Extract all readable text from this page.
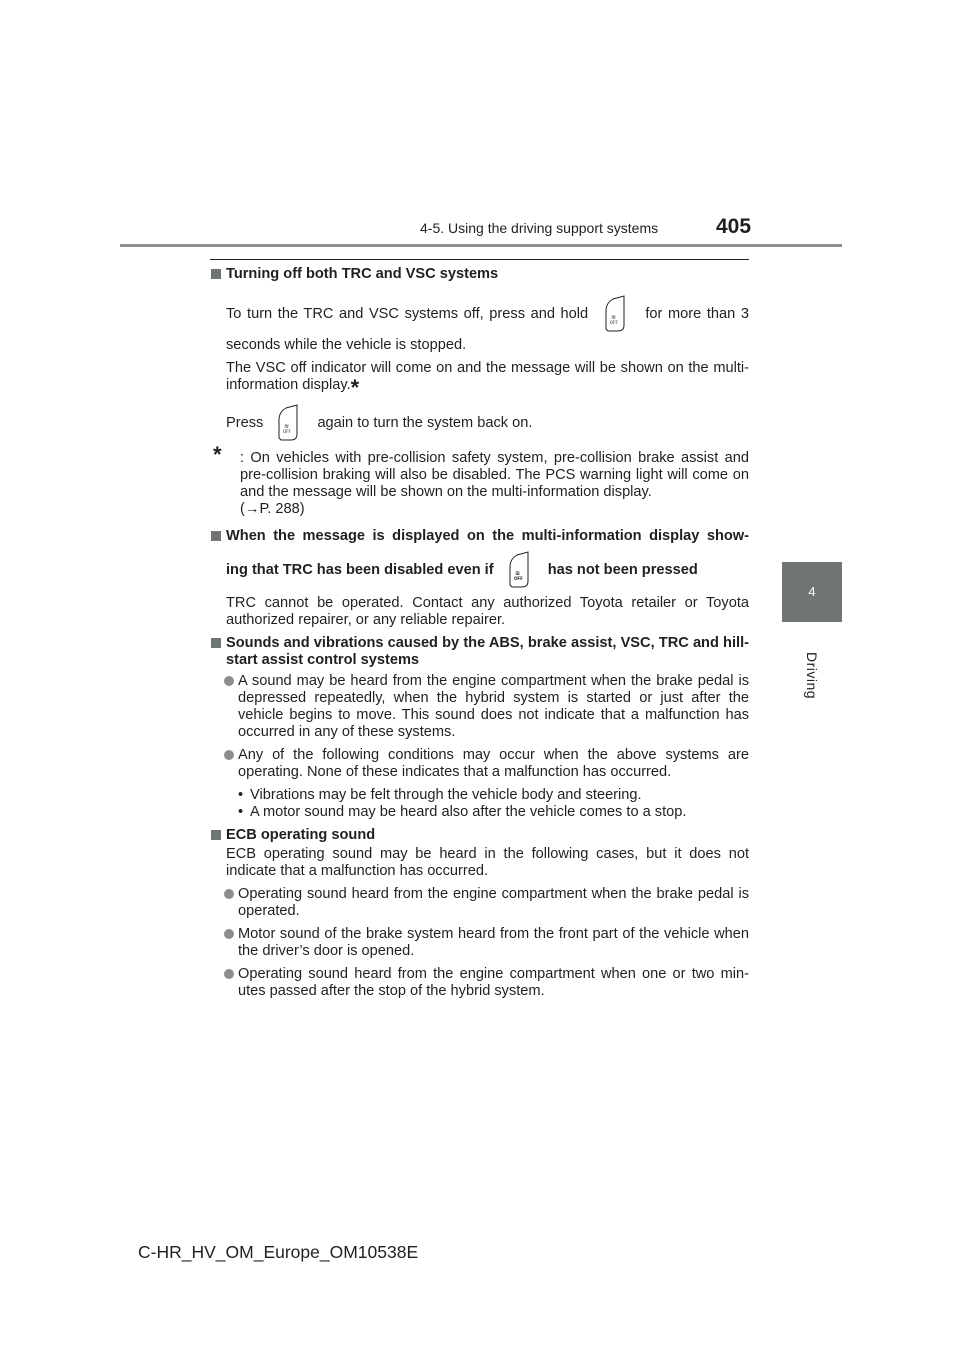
4-5. Using the driving support systems	405
4
Driving
Turning off both TRC and VSC systems
To turn the TRC and VSC systems off, press and hold	≋
OFF
for more than 3
seconds while the vehicle is stopped.
The VSC off indicator will come on and the message will be shown on the multi-information display.*
Press	≋
OFF
again to turn the system back on.
* : On vehicles with pre-collision safety system, pre-collision brake assist and pre-collision braking will also be disabled. The PCS warning light will come on and the message will be shown on the multi-information display.
(→P. 288)
When the message is displayed on the multi-information display show-
ing that TRC has been disabled even if	≋
OFF
has not been pressed
TRC cannot be operated. Contact any authorized Toyota retailer or Toyota authorized repairer, or any reliable repairer.
Sounds and vibrations caused by the ABS, brake assist, VSC, TRC and hill-start assist control systems
A sound may be heard from the engine compartment when the brake pedal is depressed repeatedly, when the hybrid system is started or just after the vehicle begins to move. This sound does not indicate that a malfunction has occurred in any of these systems.
Any of the following conditions may occur when the above systems are operating. None of these indicates that a malfunction has occurred.
• Vibrations may be felt through the vehicle body and steering.
• A motor sound may be heard also after the vehicle comes to a stop.
ECB operating sound
ECB operating sound may be heard in the following cases, but it does not indicate that a malfunction has occurred.
Operating sound heard from the engine compartment when the brake pedal is operated.
Motor sound of the brake system heard from the front part of the vehicle when the driver’s door is opened.
Operating sound heard from the engine compartment when one or two min-utes passed after the stop of the hybrid system.
C-HR_HV_OM_Europe_OM10538E
